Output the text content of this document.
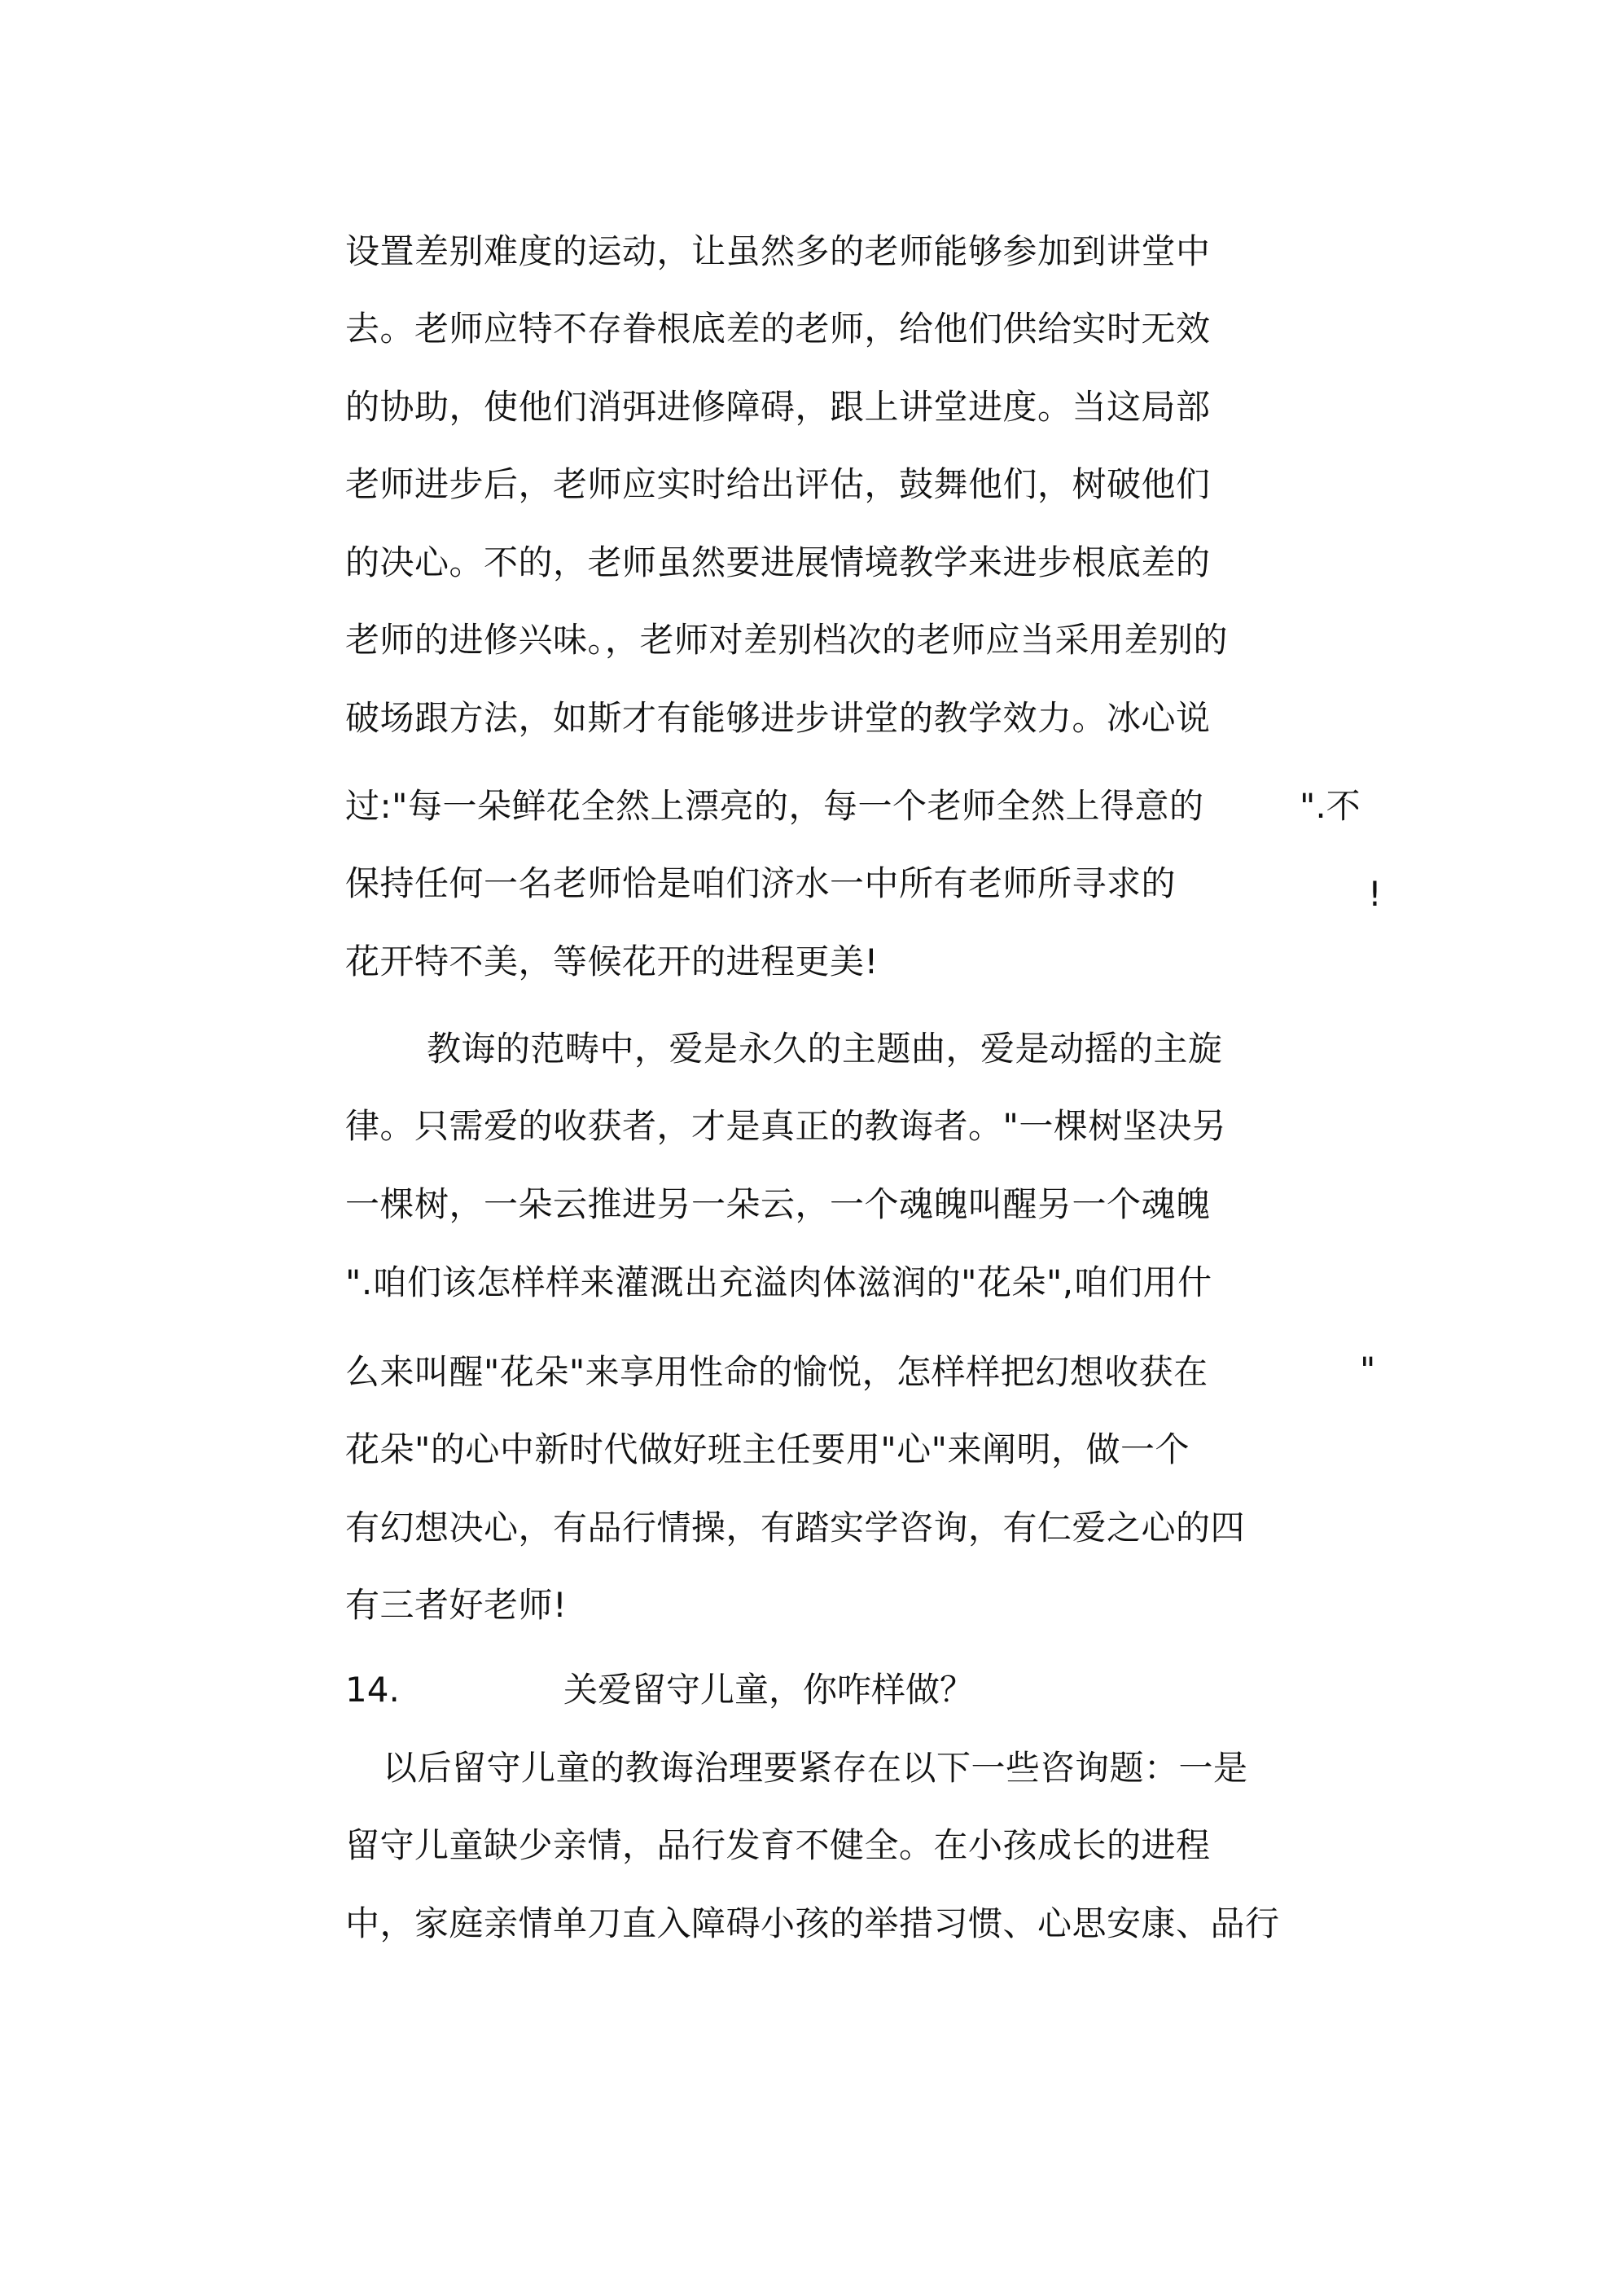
设置差别难度的运动，让虽然多的老师能够参加到讲堂中
去。老师应特不存眷根底差的老师，给他们供给实时无效
的协助，使他们消弭进修障碍，跟上讲堂进度。当这局部
老师进步后，老师应实时给出评估，鼓舞他们，树破他们
的决心。不的，老师虽然要进展情境教学来进步根底差的
老师的进修兴味。，老师对差别档次的老师应当采用差别的
破场跟方法，如斯才有能够进步讲堂的教学效力。冰心说
过:"每一朵鲜花全然上漂亮的，每一个老师全然上得意的	".不
保持任何一名老师恰是咱们济水一中所有老师所寻求的	!
花开特不美，等候花开的进程更美!
教诲的范畴中，爱是永久的主题曲，爱是动摇的主旋
律。只需爱的收获者，才是真正的教诲者。"一棵树坚决另
一棵树，一朵云推进另一朵云，一个魂魄叫醒另一个魂魄
".咱们该怎样样来灌溉出充溢肉体滋润的"花朵",咱们用什
么来叫醒"花朵"来享用性命的愉悦，怎样样把幻想收获在	"
花朵"的心中新时代做好班主任要用"心"来阐明，做一个
有幻想决心，有品行情操，有踏实学咨询，有仁爱之心的四
有三者好老师!
14.	关爱留守儿童，你咋样做？
以后留守儿童的教诲治理要紧存在以下一些咨询题：一是
留守儿童缺少亲情，品行发育不健全。在小孩成长的进程
中，家庭亲情单刀直入障碍小孩的举措习惯、心思安康、品行
